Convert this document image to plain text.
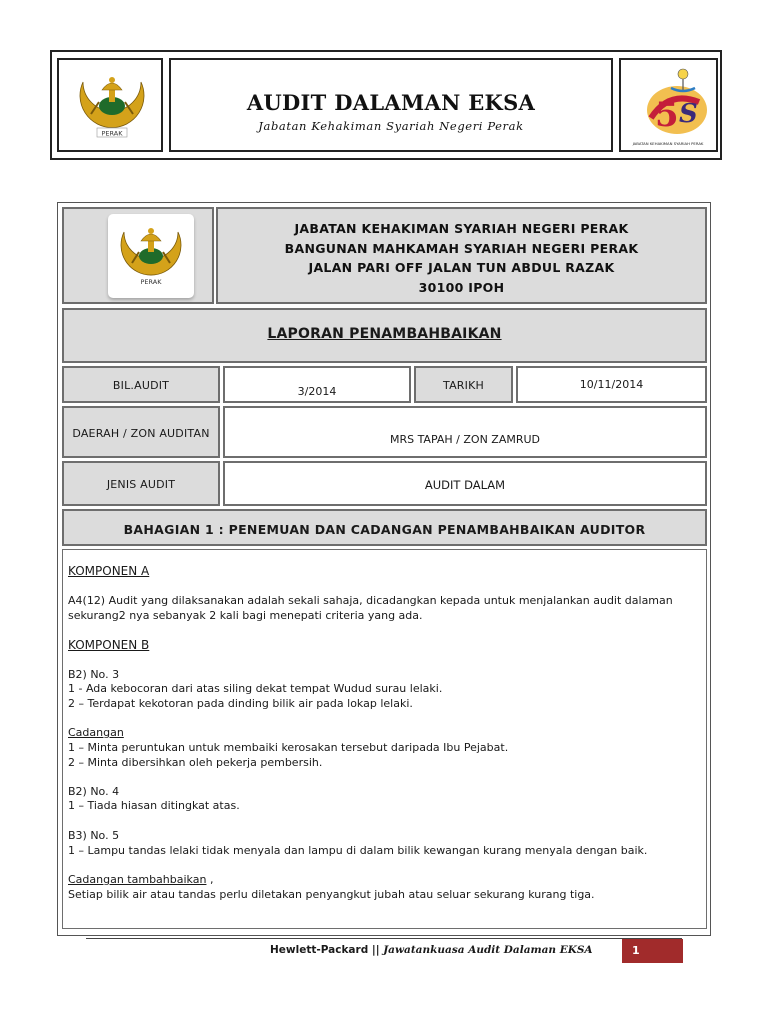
PERAK
AUDIT DALAMAN EKSA
Jabatan Kehakiman Syariah Negeri Perak	5 S
JABATAN KEHAKIMAN SYARIAH PERAK
PERAK
JABATAN KEHAKIMAN SYARIAH NEGERI PERAK
BANGUNAN MAHKAMAH SYARIAH NEGERI PERAK
JALAN PARI OFF JALAN TUN ABDUL RAZAK
30100 IPOH
LAPORAN PENAMBAHBAIKAN
BIL.AUDIT	3/2014	TARIKH	10/11/2014
DAERAH / ZON AUDITAN	MRS TAPAH / ZON ZAMRUD
JENIS AUDIT	AUDIT DALAM
BAHAGIAN 1 : PENEMUAN DAN CADANGAN PENAMBAHBAIKAN AUDITOR
KOMPONEN A
A4(12) Audit yang dilaksanakan adalah sekali sahaja, dicadangkan kepada untuk menjalankan audit dalaman sekurang2 nya sebanyak 2 kali bagi menepati criteria yang ada.
KOMPONEN B
B2) No. 3
1 - Ada kebocoran dari atas siling dekat tempat Wudud surau lelaki.
2 – Terdapat kekotoran pada dinding bilik air pada lokap lelaki.
Cadangan
1 – Minta peruntukan untuk membaiki kerosakan tersebut daripada Ibu Pejabat.
2 – Minta dibersihkan oleh pekerja pembersih.
B2) No. 4
1 – Tiada hiasan ditingkat atas.
B3) No. 5
1 – Lampu tandas lelaki tidak menyala dan lampu di dalam bilik kewangan kurang menyala dengan baik.
Cadangan tambahbaikan ,
Setiap bilik air atau tandas perlu diletakan penyangkut jubah atau seluar sekurang kurang tiga.
Hewlett-Packard || Jawatankuasa Audit Dalaman EKSA	1
